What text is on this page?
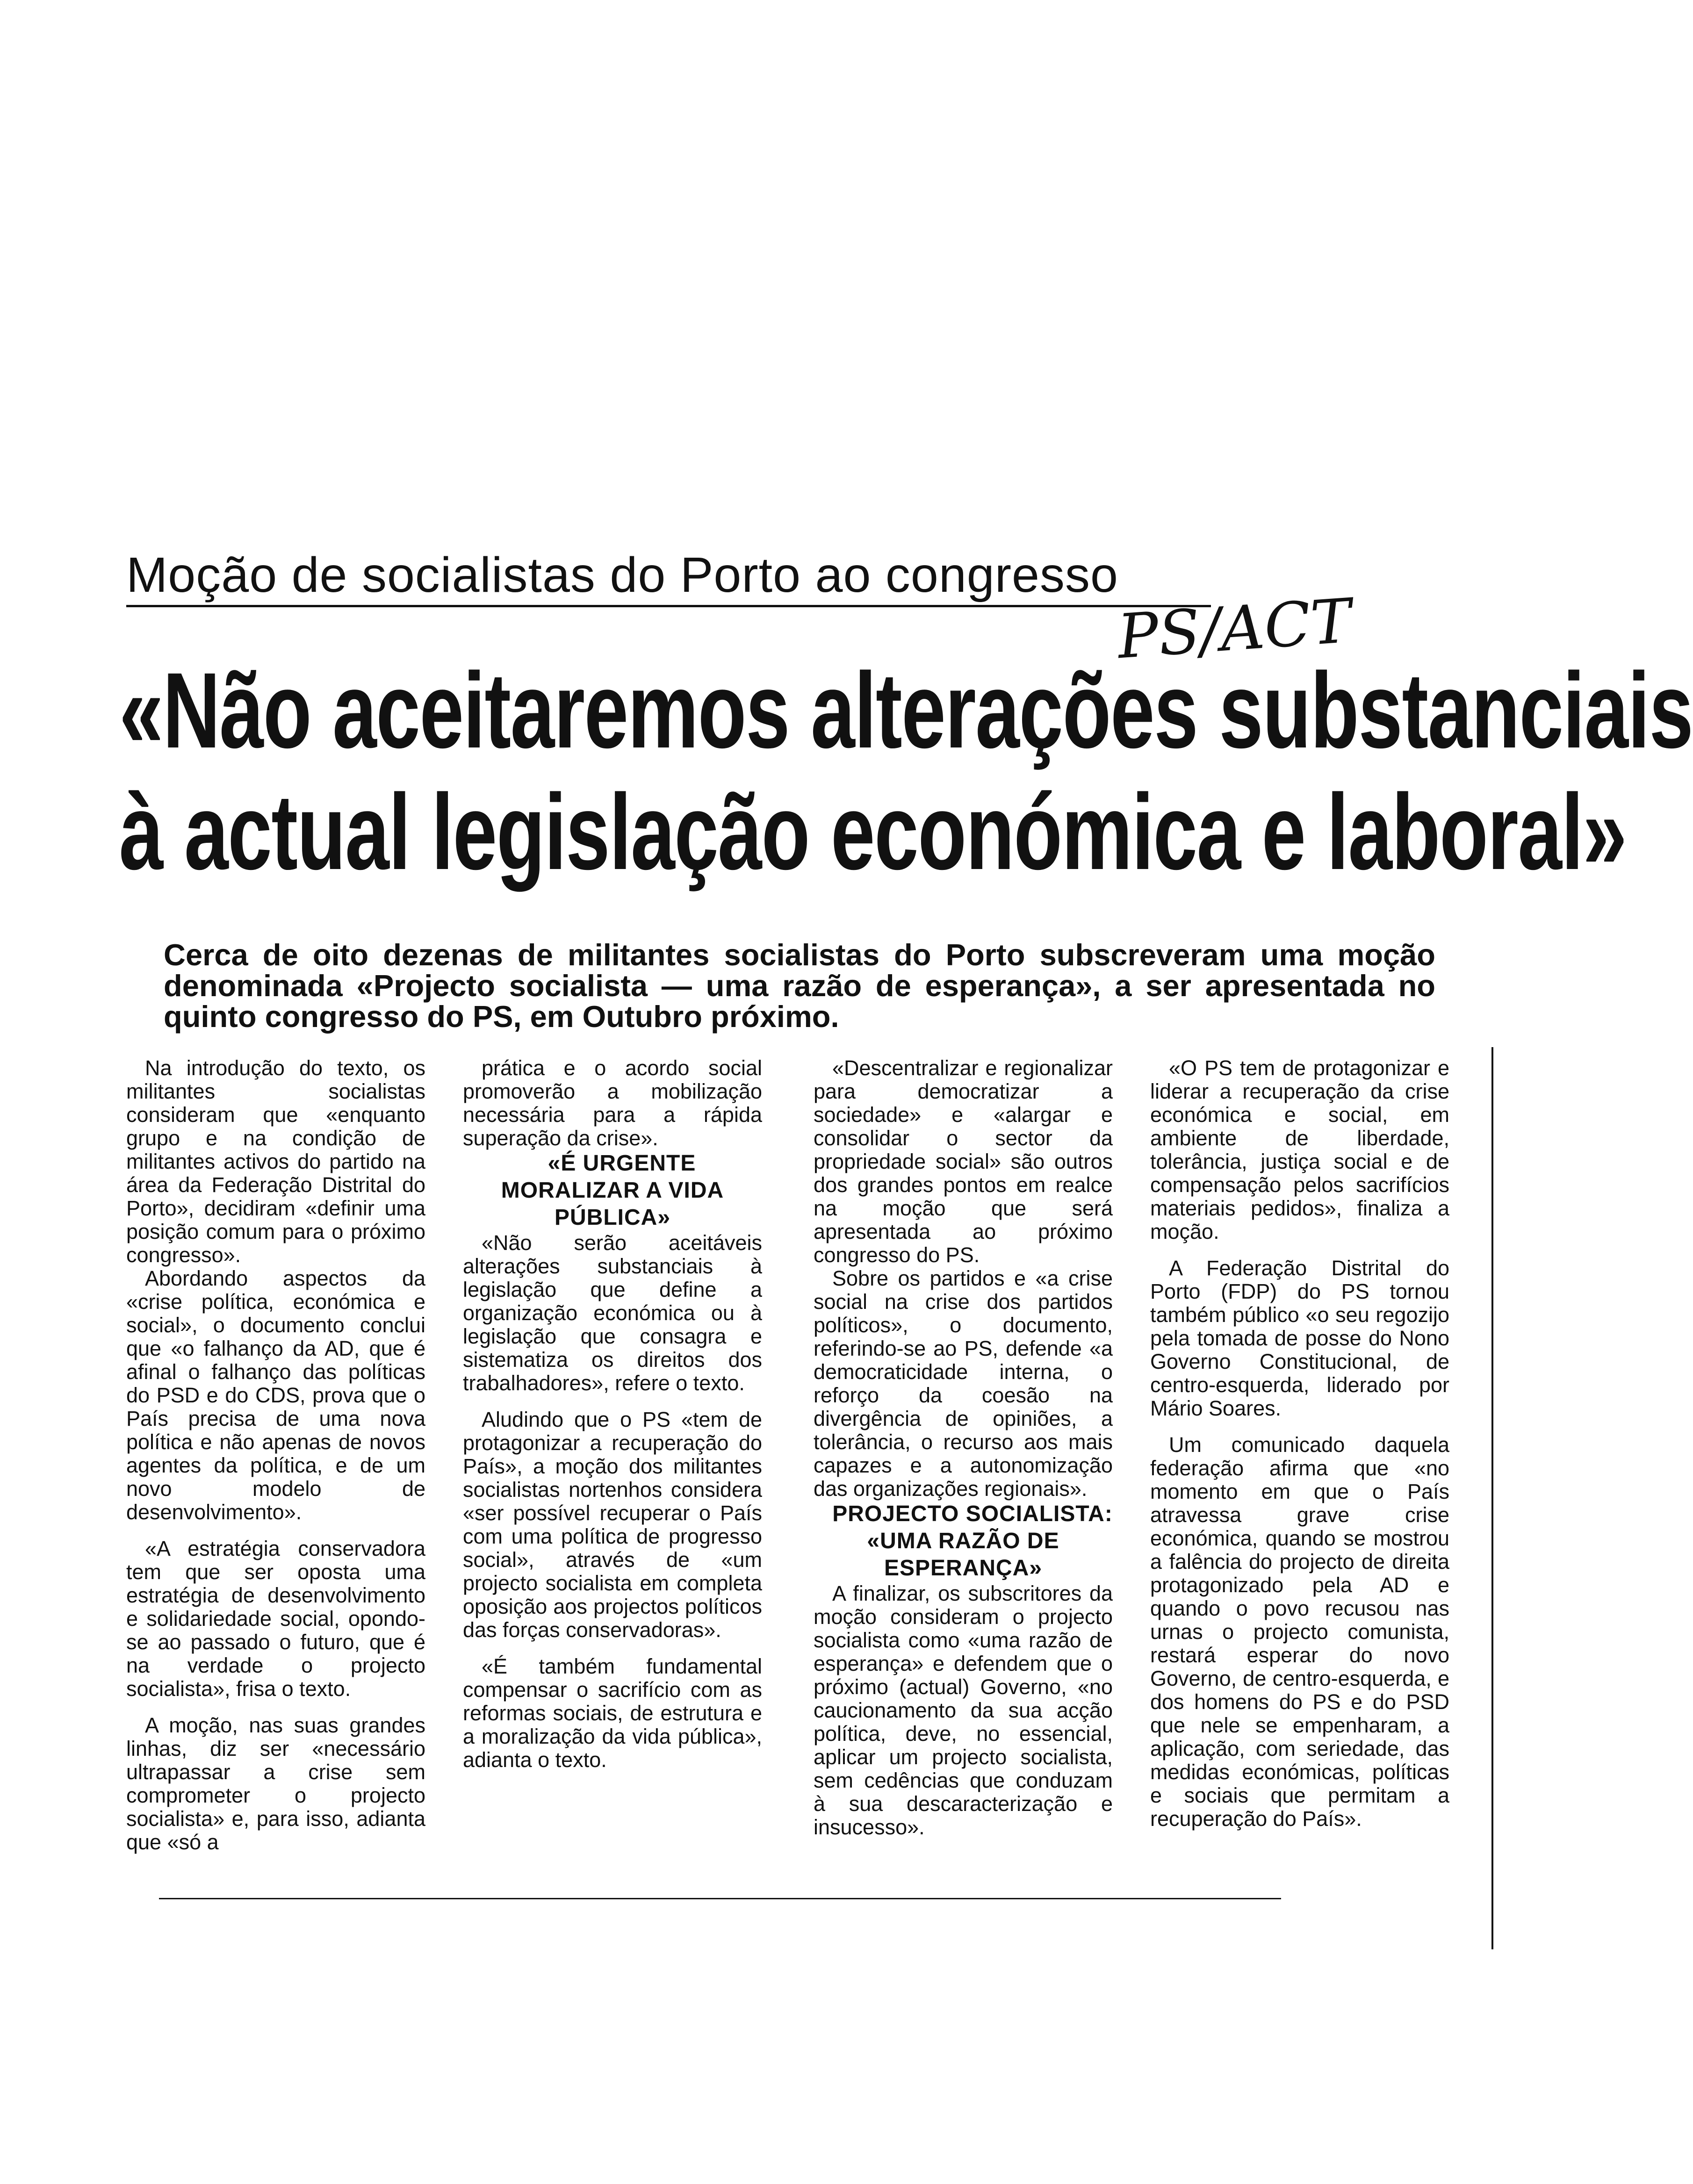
Moção de socialistas do Porto ao congresso
PS/ACT
«Não aceitaremos alterações substanciais
à actual legislação económica e laboral»
Cerca de oito dezenas de militantes socialistas do Porto subscreveram uma moção denominada «Projecto socialista — uma razão de esperança», a ser apresentada no quinto congresso do PS, em Outubro próximo.

Na introdução do texto, os militantes socialistas consideram que «enquanto grupo e na condição de militantes activos do partido na área da Federação Distrital do Porto», decidiram «definir uma posição comum para o próximo congresso».

Abordando aspectos da «crise política, económica e social», o documento conclui que «o falhanço da AD, que é afinal o falhanço das políticas do PSD e do CDS, prova que o País precisa de uma nova política e não apenas de novos agentes da política, e de um novo modelo de desenvolvimento».

«A estratégia conservadora tem que ser oposta uma estratégia de desenvolvimento e solidariedade social, opondo-se ao passado o futuro, que é na verdade o projecto socialista», frisa o texto.

A moção, nas suas grandes linhas, diz ser «necessário ultrapassar a crise sem comprometer o projecto socialista» e, para isso, adianta que «só a

prática e o acordo social promoverão a mobilização necessária para a rápida superação da crise».

«É URGENTE MORALIZAR A VIDA PÚBLICA»

«Não serão aceitáveis alterações substanciais à legislação que define a organização económica ou à legislação que consagra e sistematiza os direitos dos trabalhadores», refere o texto.

Aludindo que o PS «tem de protagonizar a recuperação do País», a moção dos militantes socialistas nortenhos considera «ser possível recuperar o País com uma política de progresso social», através de «um projecto socialista em completa oposição aos projectos políticos das forças conservadoras».

«É também fundamental compensar o sacrifício com as reformas sociais, de estrutura e a moralização da vida pública», adianta o texto.

«Descentralizar e regionalizar para democratizar a sociedade» e «alargar e consolidar o sector da propriedade social» são outros dos grandes pontos em realce na moção que será apresentada ao próximo congresso do PS.

Sobre os partidos e «a crise social na crise dos partidos políticos», o documento, referindo-se ao PS, defende «a democraticidade interna, o reforço da coesão na divergência de opiniões, a tolerância, o recurso aos mais capazes e a autonomização das organizações regionais».

PROJECTO SOCIALISTA: «UMA RAZÃO DE ESPERANÇA»

A finalizar, os subscritores da moção consideram o projecto socialista como «uma razão de esperança» e defendem que o próximo (actual) Governo, «no caucionamento da sua acção política, deve, no essencial, aplicar um projecto socialista, sem cedências que conduzam à sua descaracterização e insucesso».

«O PS tem de protagonizar e liderar a recuperação da crise económica e social, em ambiente de liberdade, tolerância, justiça social e de compensação pelos sacrifícios materiais pedidos», finaliza a moção.

A Federação Distrital do Porto (FDP) do PS tornou também público «o seu regozijo pela tomada de posse do Nono Governo Constitucional, de centro-esquerda, liderado por Mário Soares.

Um comunicado daquela federação afirma que «no momento em que o País atravessa grave crise económica, quando se mostrou a falência do projecto de direita protagonizado pela AD e quando o povo recusou nas urnas o projecto comunista, restará esperar do novo Governo, de centro-esquerda, e dos homens do PS e do PSD que nele se empenharam, a aplicação, com seriedade, das medidas económicas, políticas e sociais que permitam a recuperação do País».
